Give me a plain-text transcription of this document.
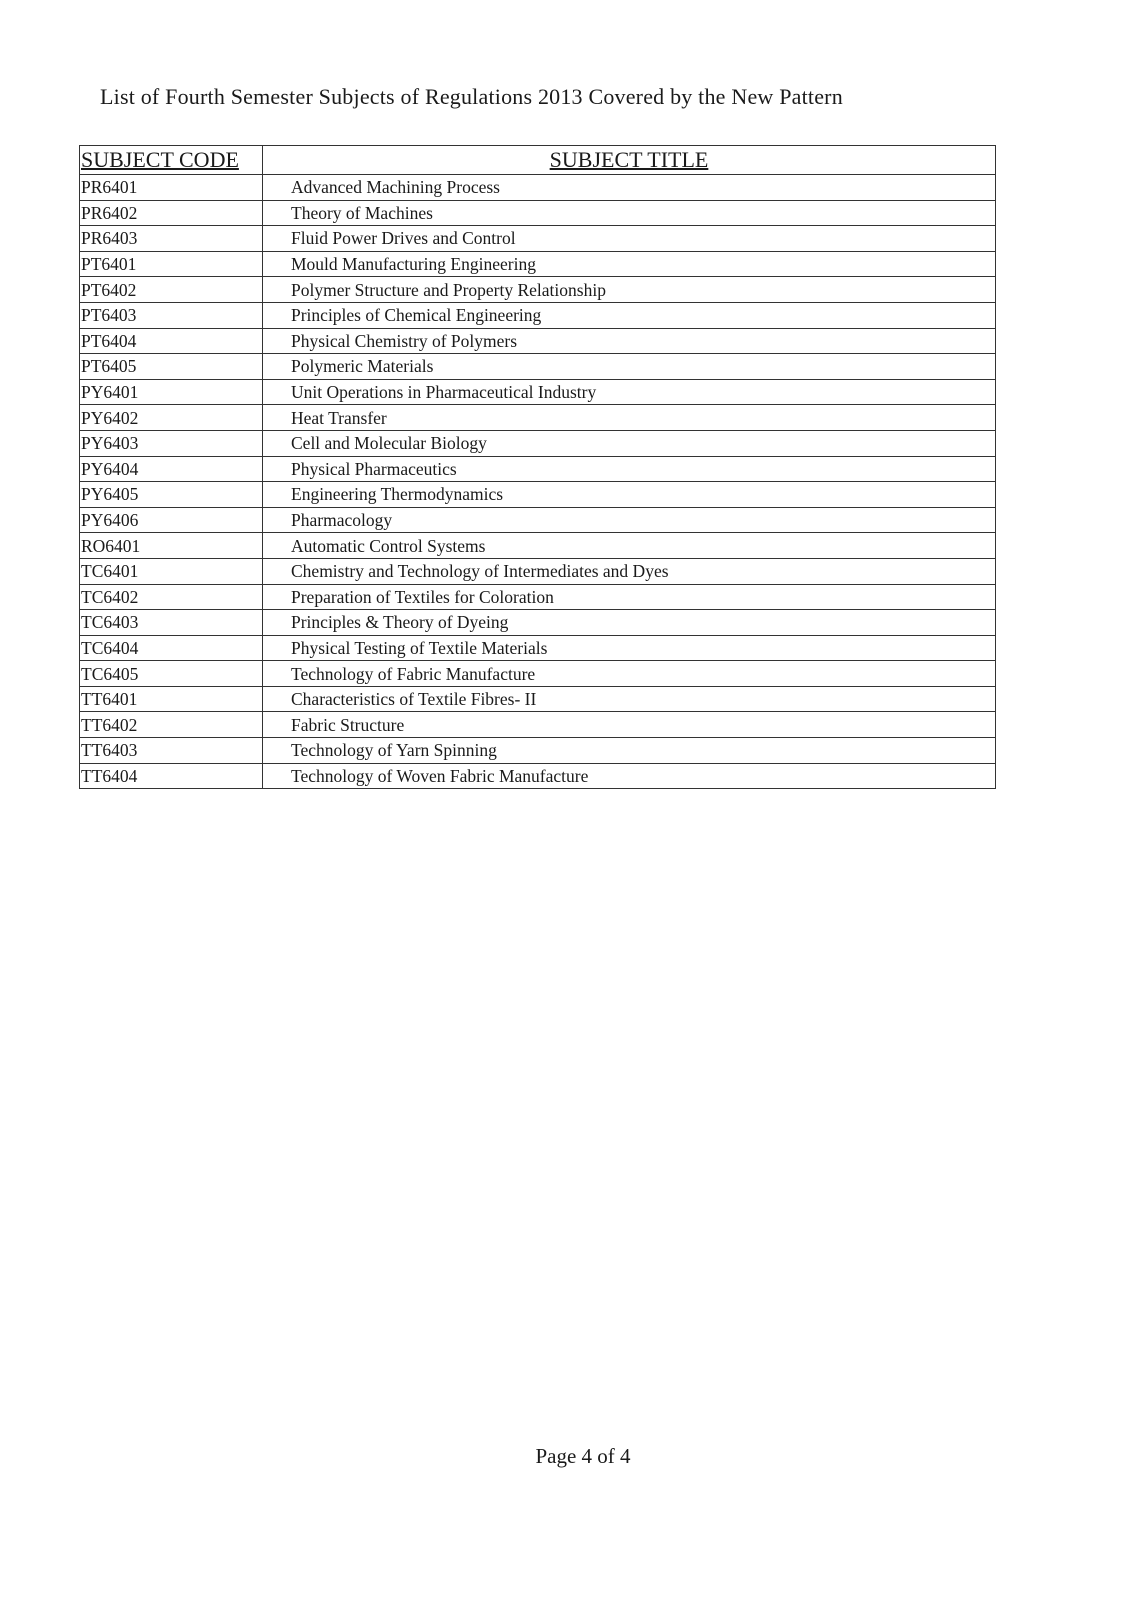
List of Fourth Semester Subjects of Regulations 2013 Covered by the New Pattern
SUBJECT CODE	SUBJECT TITLE
PR6401	Advanced Machining Process
PR6402	Theory of Machines
PR6403	Fluid Power Drives and Control
PT6401	Mould Manufacturing Engineering
PT6402	Polymer Structure and Property Relationship
PT6403	Principles of Chemical Engineering
PT6404	Physical Chemistry of Polymers
PT6405	Polymeric Materials
PY6401	Unit Operations in Pharmaceutical Industry
PY6402	Heat Transfer
PY6403	Cell and Molecular Biology
PY6404	Physical Pharmaceutics
PY6405	Engineering Thermodynamics
PY6406	Pharmacology
RO6401	Automatic Control Systems
TC6401	Chemistry and Technology of Intermediates and Dyes
TC6402	Preparation of Textiles for Coloration
TC6403	Principles & Theory of Dyeing
TC6404	Physical Testing of Textile Materials
TC6405	Technology of Fabric Manufacture
TT6401	Characteristics of Textile Fibres- II
TT6402	Fabric Structure
TT6403	Technology of Yarn Spinning
TT6404	Technology of Woven Fabric Manufacture
Page 4 of 4
